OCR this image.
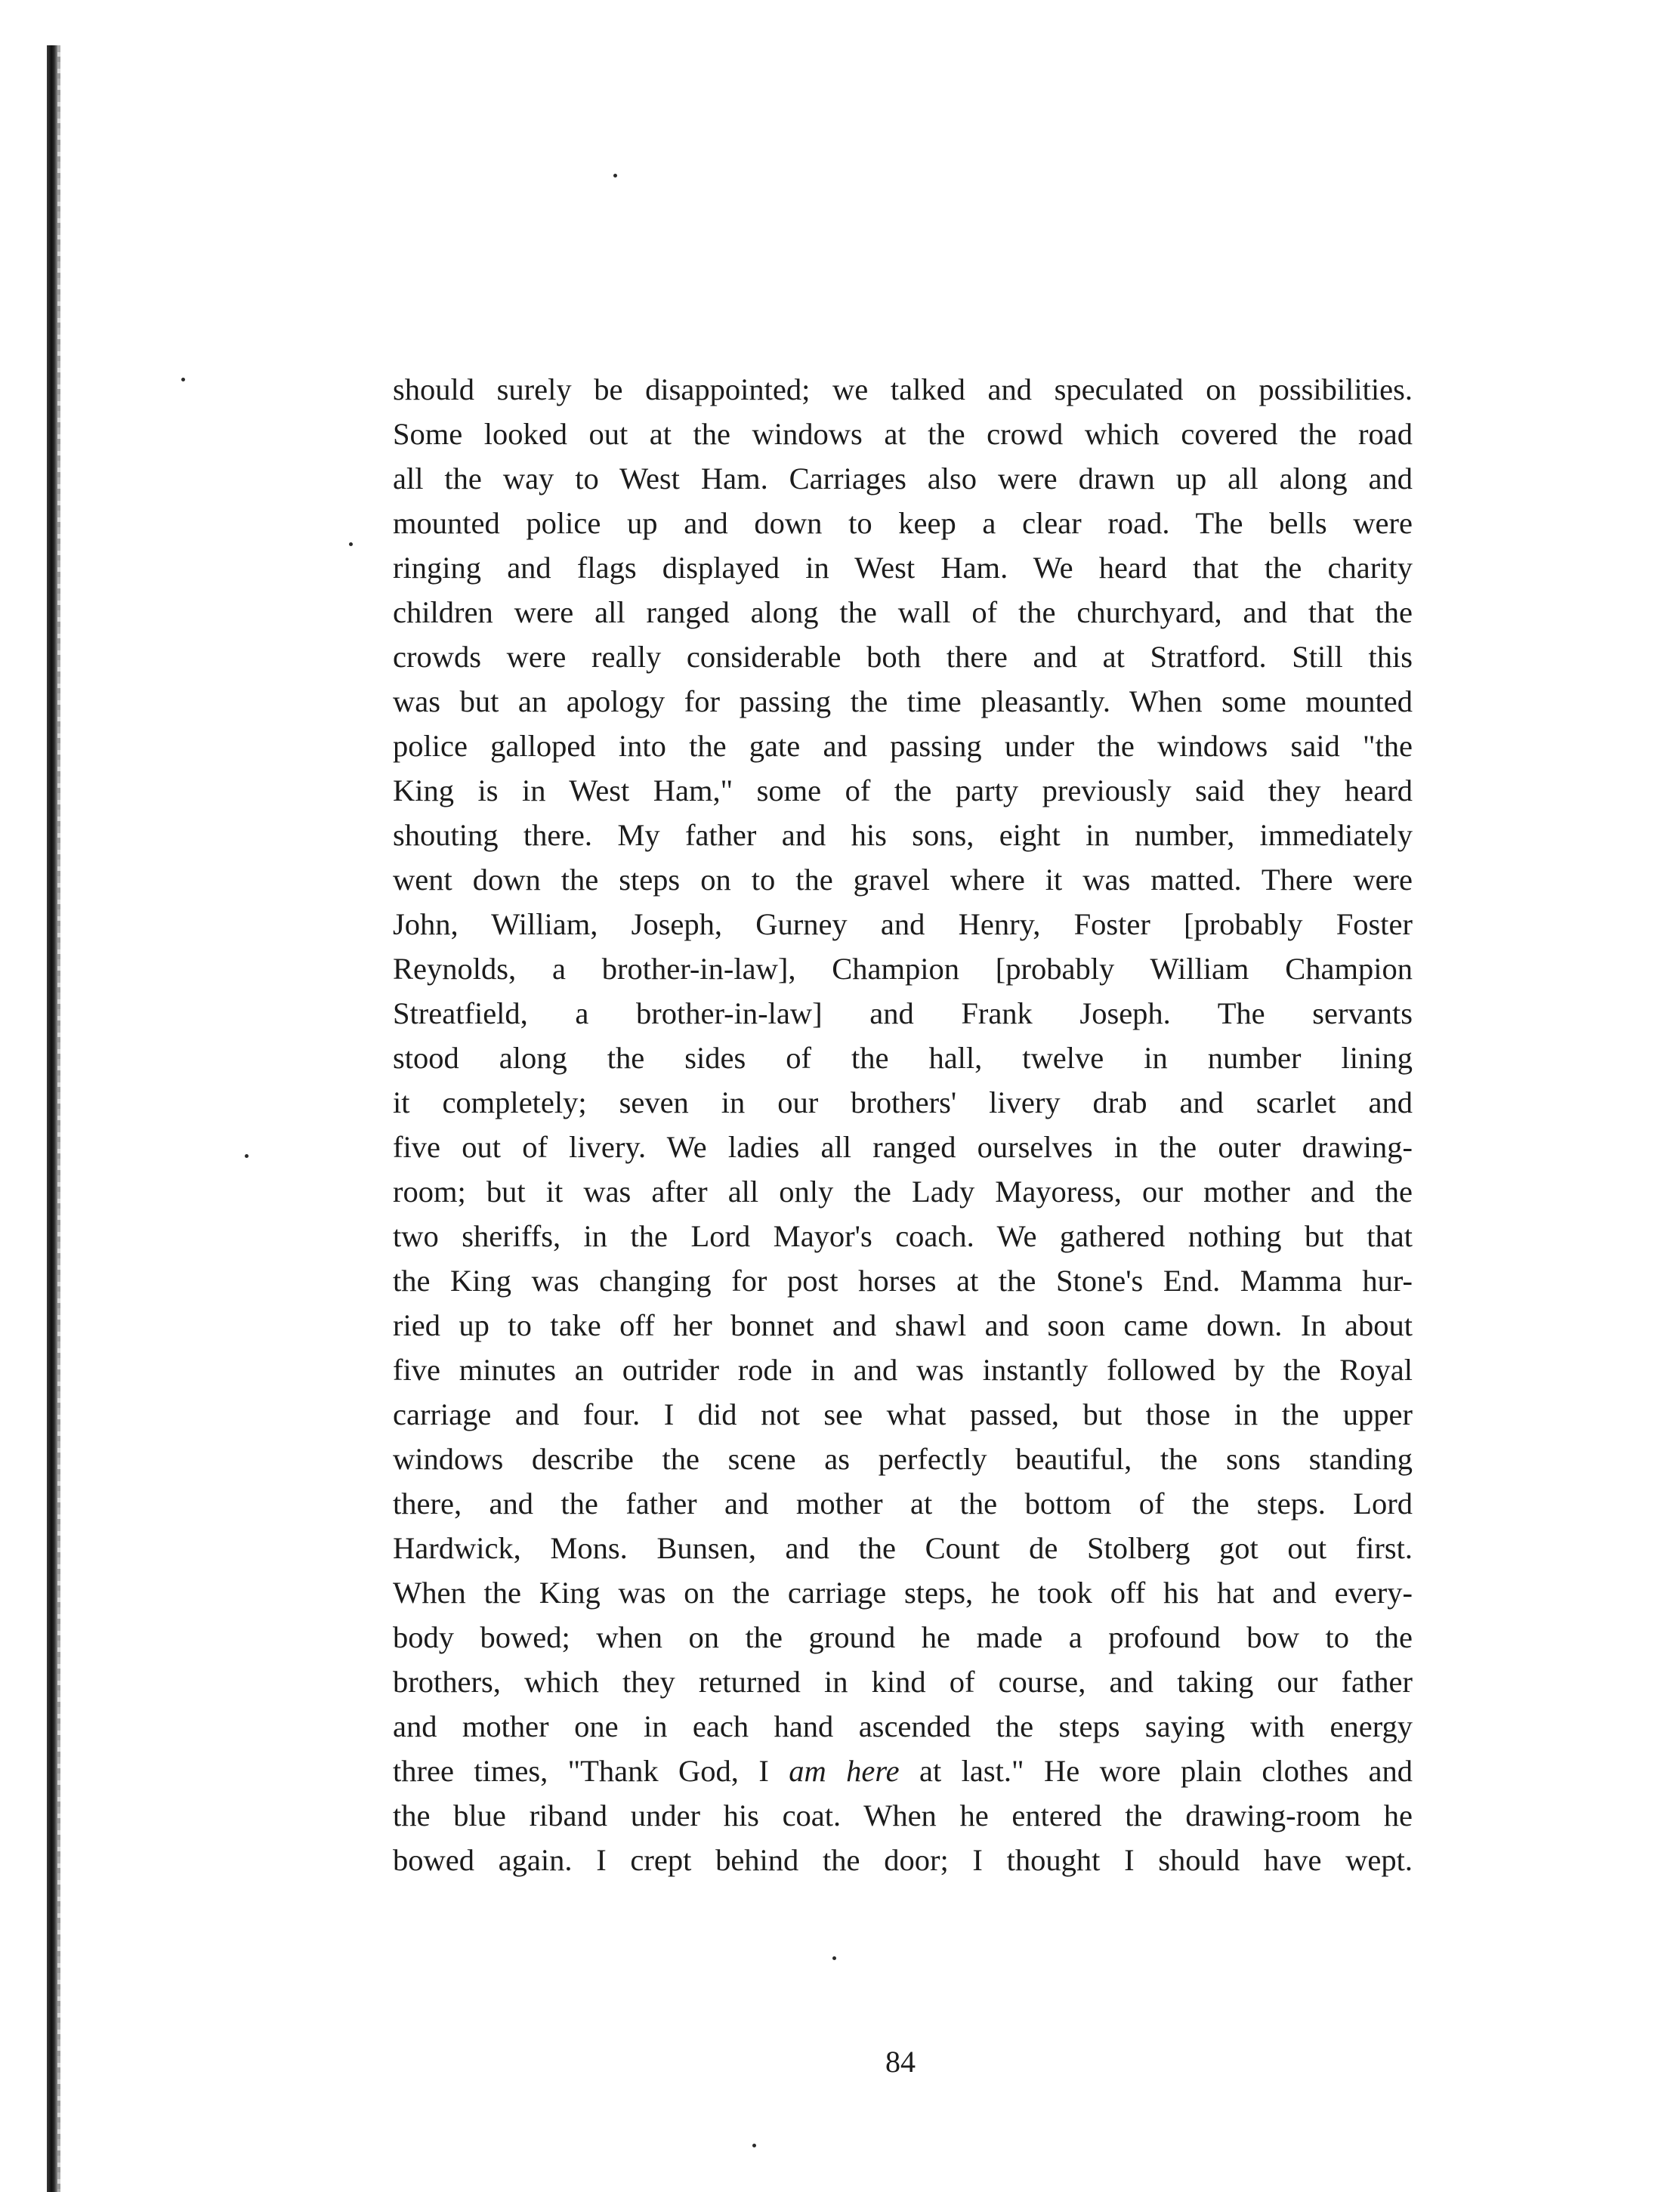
should surely be disappointed; we talked and speculated on possibilities.
Some looked out at the windows at the crowd which covered the road
all the way to West Ham. Carriages also were drawn up all along and
mounted police up and down to keep a clear road. The bells were
ringing and flags displayed in West Ham. We heard that the charity
children were all ranged along the wall of the churchyard, and that the
crowds were really considerable both there and at Stratford. Still this
was but an apology for passing the time pleasantly. When some mounted
police galloped into the gate and passing under the windows said "the
King is in West Ham," some of the party previously said they heard
shouting there. My father and his sons, eight in number, immediately
went down the steps on to the gravel where it was matted. There were
John, William, Joseph, Gurney and Henry, Foster [probably Foster
Reynolds, a brother-in-law], Champion [probably William Champion
Streatfield, a brother-in-law] and Frank Joseph. The servants
stood along the sides of the hall, twelve in number lining
it completely; seven in our brothers' livery drab and scarlet and
five out of livery. We ladies all ranged ourselves in the outer drawing-
room; but it was after all only the Lady Mayoress, our mother and the
two sheriffs, in the Lord Mayor's coach. We gathered nothing but that
the King was changing for post horses at the Stone's End. Mamma hur-
ried up to take off her bonnet and shawl and soon came down. In about
five minutes an outrider rode in and was instantly followed by the Royal
carriage and four. I did not see what passed, but those in the upper
windows describe the scene as perfectly beautiful, the sons standing
there, and the father and mother at the bottom of the steps. Lord
Hardwick, Mons. Bunsen, and the Count de Stolberg got out first.
When the King was on the carriage steps, he took off his hat and every-
body bowed; when on the ground he made a profound bow to the
brothers, which they returned in kind of course, and taking our father
and mother one in each hand ascended the steps saying with energy
three times, "Thank God, I am here at last." He wore plain clothes and
the blue riband under his coat. When he entered the drawing-room he
bowed again. I crept behind the door; I thought I should have wept.
84
